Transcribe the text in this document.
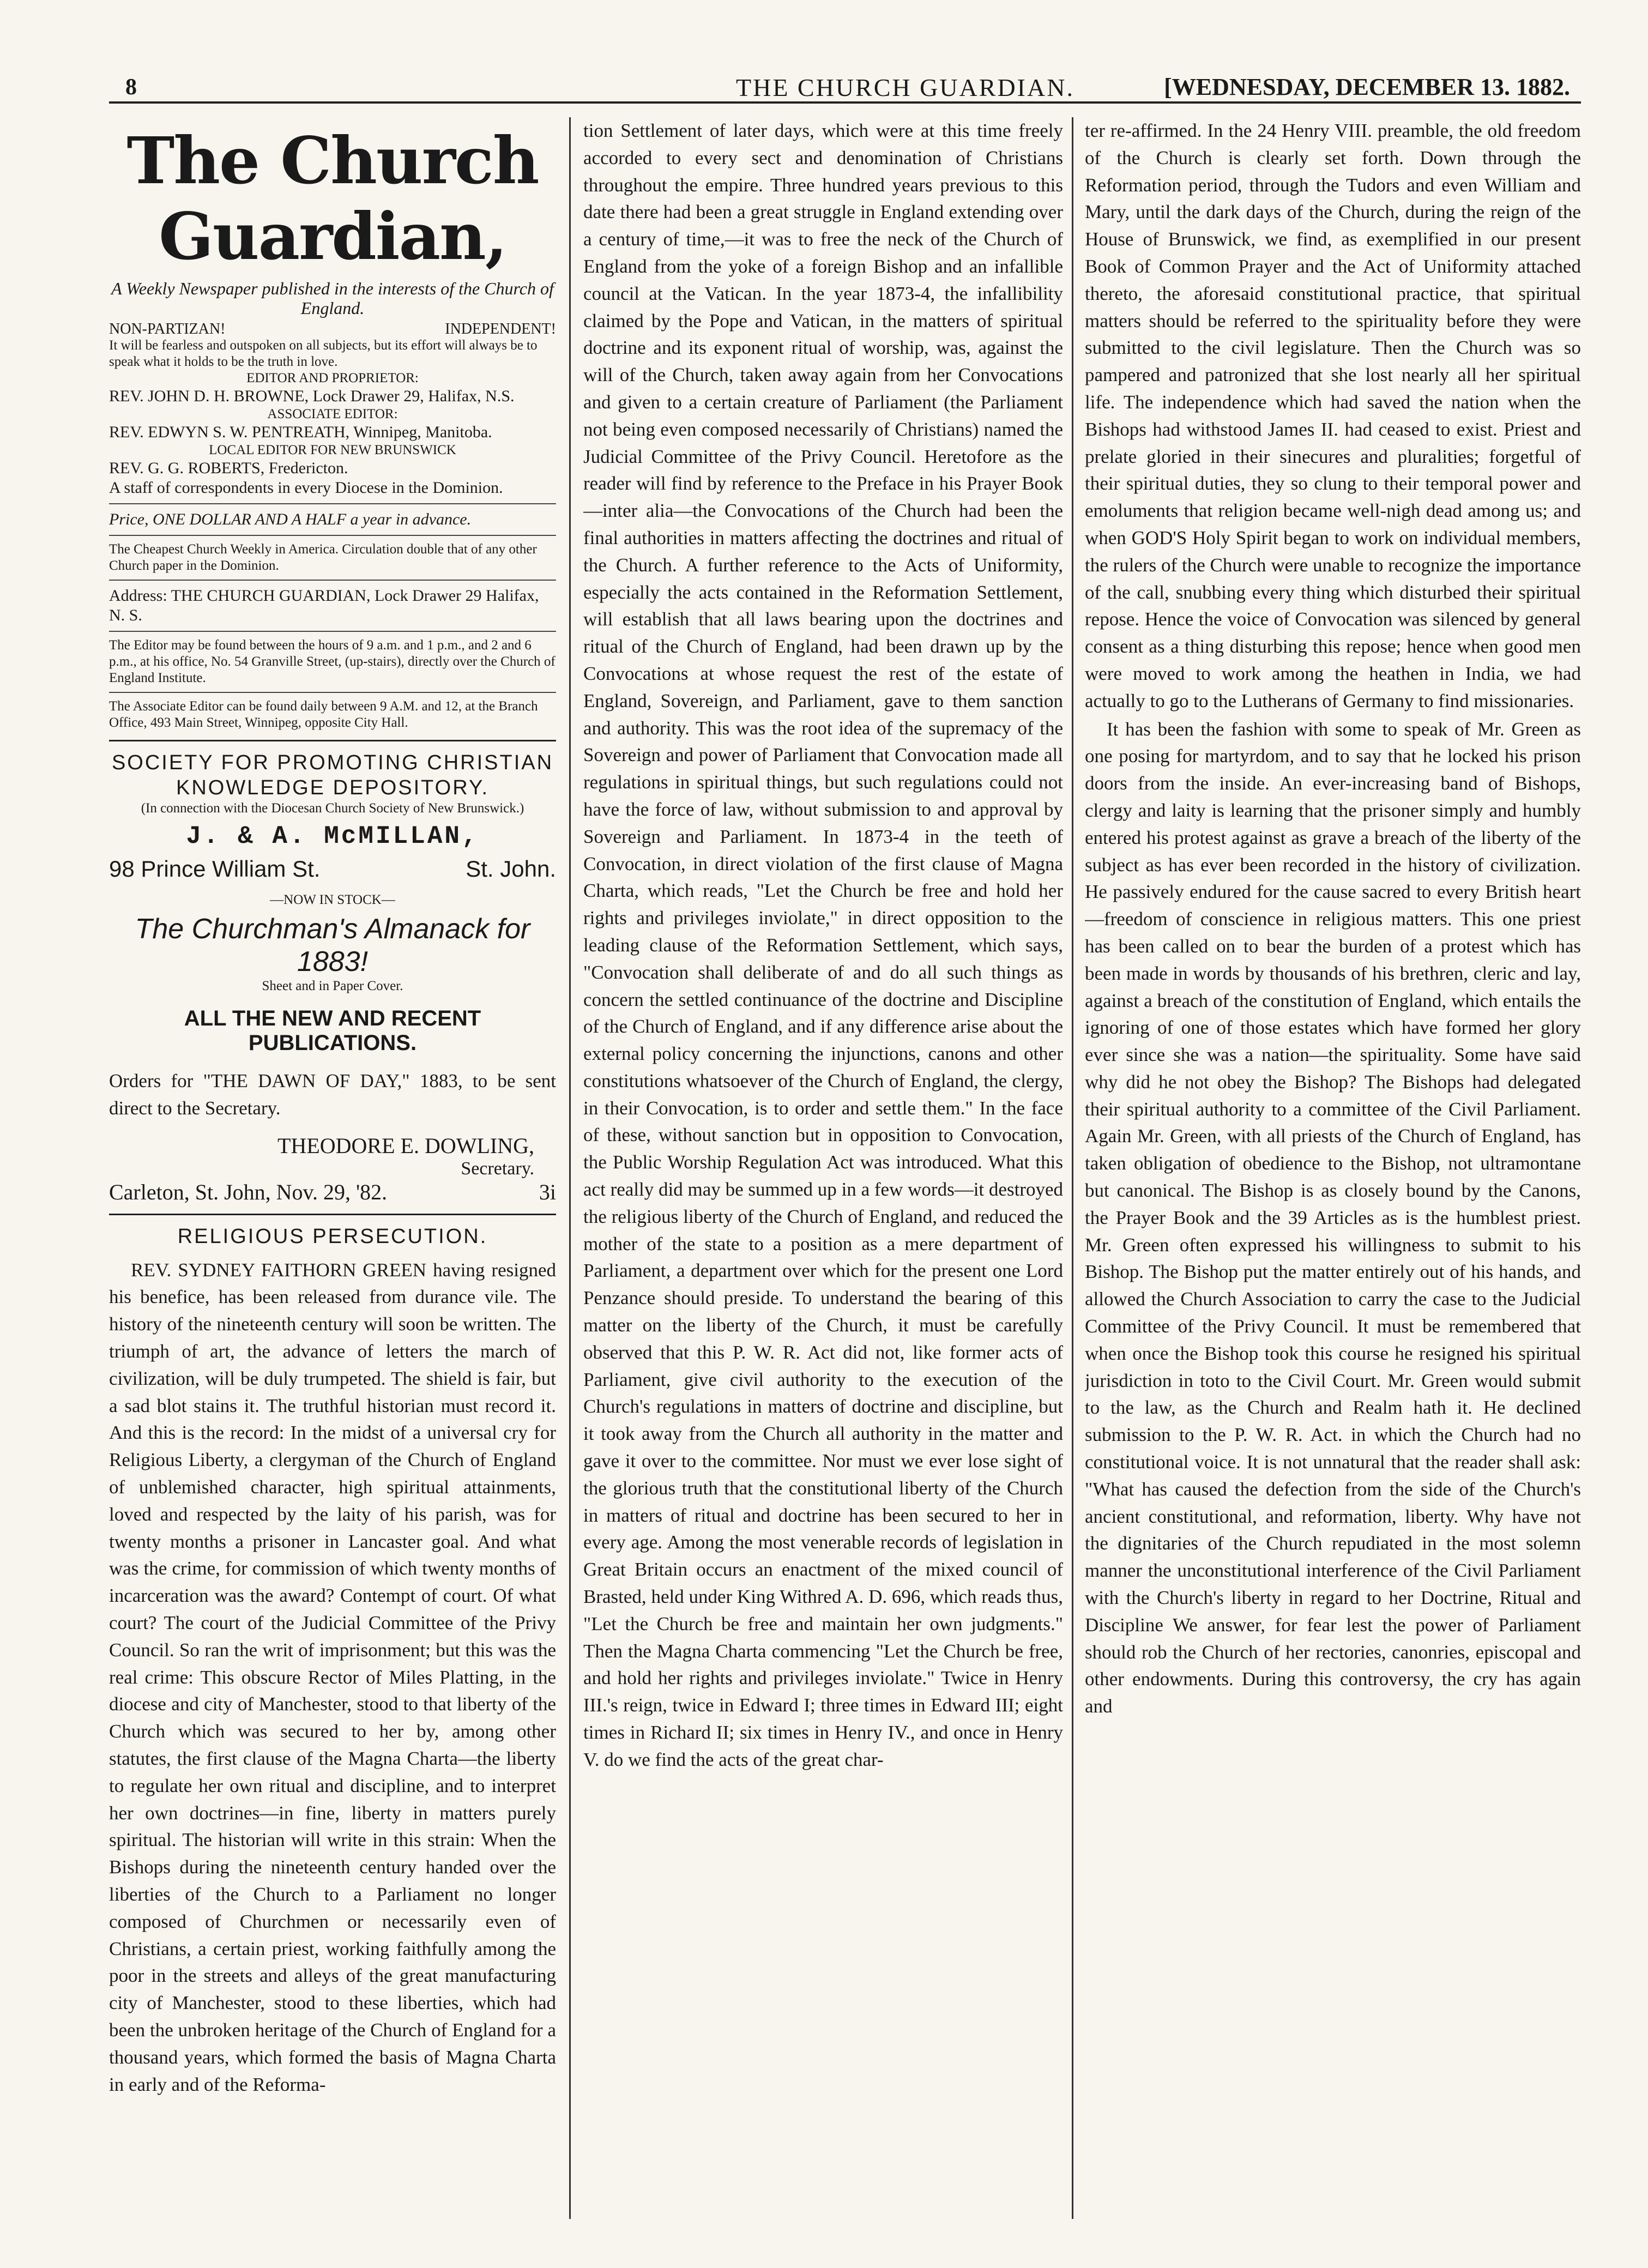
8	THE CHURCH GUARDIAN.	[WEDNESDAY, DECEMBER 13. 1882.
The Church Guardian,
A Weekly Newspaper published in the interests of the Church of England.
NON-PARTIZAN!	INDEPENDENT!
It will be fearless and outspoken on all subjects, but its effort will always be to speak what it holds to be the truth in love.
EDITOR AND PROPRIETOR:
REV. JOHN D. H. BROWNE, Lock Drawer 29, Halifax, N.S.
ASSOCIATE EDITOR:
REV. EDWYN S. W. PENTREATH, Winnipeg, Manitoba.
LOCAL EDITOR FOR NEW BRUNSWICK
REV. G. G. ROBERTS, Fredericton.
A staff of correspondents in every Diocese in the Dominion.
Price, ONE DOLLAR AND A HALF a year in advance.
The Cheapest Church Weekly in America. Circulation double that of any other Church paper in the Dominion.
Address: THE CHURCH GUARDIAN, Lock Drawer 29 Halifax, N. S.
The Editor may be found between the hours of 9 a.m. and 1 p.m., and 2 and 6 p.m., at his office, No. 54 Granville Street, (up-stairs), directly over the Church of England Institute.
The Associate Editor can be found daily between 9 A.M. and 12, at the Branch Office, 493 Main Street, Winnipeg, opposite City Hall.
SOCIETY FOR PROMOTING CHRISTIAN KNOWLEDGE DEPOSITORY.
(In connection with the Diocesan Church Society of New Brunswick.)
J. & A. McMILLAN,
98 Prince William St.	St. John.
—NOW IN STOCK—
The Churchman's Almanack for 1883!
Sheet and in Paper Cover.
ALL THE NEW AND RECENT PUBLICATIONS.
Orders for "THE DAWN OF DAY," 1883, to be sent direct to the Secretary.
THEODORE E. DOWLING,
Secretary.
Carleton, St. John, Nov. 29, '82.	3i
RELIGIOUS PERSECUTION.

REV. SYDNEY FAITHORN GREEN having resigned his benefice, has been released from durance vile. The history of the nineteenth century will soon be written. The triumph of art, the advance of letters the march of civilization, will be duly trumpeted. The shield is fair, but a sad blot stains it. The truthful historian must record it. And this is the record: In the midst of a universal cry for Religious Liberty, a clergyman of the Church of England of unblemished character, high spiritual attainments, loved and respected by the laity of his parish, was for twenty months a prisoner in Lancaster goal. And what was the crime, for commission of which twenty months of incarceration was the award? Contempt of court. Of what court? The court of the Judicial Committee of the Privy Council. So ran the writ of imprisonment; but this was the real crime: This obscure Rector of Miles Platting, in the diocese and city of Manchester, stood to that liberty of the Church which was secured to her by, among other statutes, the first clause of the Magna Charta—the liberty to regulate her own ritual and discipline, and to interpret her own doctrines—in fine, liberty in matters purely spiritual. The historian will write in this strain: When the Bishops during the nineteenth century handed over the liberties of the Church to a Parliament no longer composed of Churchmen or necessarily even of Christians, a certain priest, working faithfully among the poor in the streets and alleys of the great manufacturing city of Manchester, stood to these liberties, which had been the unbroken heritage of the Church of England for a thousand years, which formed the basis of Magna Charta in early and of the Reforma-

tion Settlement of later days, which were at this time freely accorded to every sect and denomination of Christians throughout the empire. Three hundred years previous to this date there had been a great struggle in England extending over a century of time,—it was to free the neck of the Church of England from the yoke of a foreign Bishop and an infallible council at the Vatican. In the year 1873-4, the infallibility claimed by the Pope and Vatican, in the matters of spiritual doctrine and its exponent ritual of worship, was, against the will of the Church, taken away again from her Convocations and given to a certain creature of Parliament (the Parliament not being even composed necessarily of Christians) named the Judicial Committee of the Privy Council. Heretofore as the reader will find by reference to the Preface in his Prayer Book—inter alia—the Convocations of the Church had been the final authorities in matters affecting the doctrines and ritual of the Church. A further reference to the Acts of Uniformity, especially the acts contained in the Reformation Settlement, will establish that all laws bearing upon the doctrines and ritual of the Church of England, had been drawn up by the Convocations at whose request the rest of the estate of England, Sovereign, and Parliament, gave to them sanction and authority. This was the root idea of the supremacy of the Sovereign and power of Parliament that Convocation made all regulations in spiritual things, but such regulations could not have the force of law, without submission to and approval by Sovereign and Parliament. In 1873-4 in the teeth of Convocation, in direct violation of the first clause of Magna Charta, which reads, "Let the Church be free and hold her rights and privileges inviolate," in direct opposition to the leading clause of the Reformation Settlement, which says, "Convocation shall deliberate of and do all such things as concern the settled continuance of the doctrine and Discipline of the Church of England, and if any difference arise about the external policy concerning the injunctions, canons and other constitutions whatsoever of the Church of England, the clergy, in their Convocation, is to order and settle them." In the face of these, without sanction but in opposition to Convocation, the Public Worship Regulation Act was introduced. What this act really did may be summed up in a few words—it destroyed the religious liberty of the Church of England, and reduced the mother of the state to a position as a mere department of Parliament, a department over which for the present one Lord Penzance should preside. To understand the bearing of this matter on the liberty of the Church, it must be carefully observed that this P. W. R. Act did not, like former acts of Parliament, give civil authority to the execution of the Church's regulations in matters of doctrine and discipline, but it took away from the Church all authority in the matter and gave it over to the committee. Nor must we ever lose sight of the glorious truth that the constitutional liberty of the Church in matters of ritual and doctrine has been secured to her in every age. Among the most venerable records of legislation in Great Britain occurs an enactment of the mixed council of Brasted, held under King Withred A. D. 696, which reads thus, "Let the Church be free and maintain her own judgments." Then the Magna Charta commencing "Let the Church be free, and hold her rights and privileges inviolate." Twice in Henry III.'s reign, twice in Edward I; three times in Edward III; eight times in Richard II; six times in Henry IV., and once in Henry V. do we find the acts of the great char-

ter re-affirmed. In the 24 Henry VIII. preamble, the old freedom of the Church is clearly set forth. Down through the Reformation period, through the Tudors and even William and Mary, until the dark days of the Church, during the reign of the House of Brunswick, we find, as exemplified in our present Book of Common Prayer and the Act of Uniformity attached thereto, the aforesaid constitutional practice, that spiritual matters should be referred to the spirituality before they were submitted to the civil legislature. Then the Church was so pampered and patronized that she lost nearly all her spiritual life. The independence which had saved the nation when the Bishops had withstood James II. had ceased to exist. Priest and prelate gloried in their sinecures and pluralities; forgetful of their spiritual duties, they so clung to their temporal power and emoluments that religion became well-nigh dead among us; and when GOD'S Holy Spirit began to work on individual members, the rulers of the Church were unable to recognize the importance of the call, snubbing every thing which disturbed their spiritual repose. Hence the voice of Convocation was silenced by general consent as a thing disturbing this repose; hence when good men were moved to work among the heathen in India, we had actually to go to the Lutherans of Germany to find missionaries.

It has been the fashion with some to speak of Mr. Green as one posing for martyrdom, and to say that he locked his prison doors from the inside. An ever-increasing band of Bishops, clergy and laity is learning that the prisoner simply and humbly entered his protest against as grave a breach of the liberty of the subject as has ever been recorded in the history of civilization. He passively endured for the cause sacred to every British heart —freedom of conscience in religious matters. This one priest has been called on to bear the burden of a protest which has been made in words by thousands of his brethren, cleric and lay, against a breach of the constitution of England, which entails the ignoring of one of those estates which have formed her glory ever since she was a nation—the spirituality. Some have said why did he not obey the Bishop? The Bishops had delegated their spiritual authority to a committee of the Civil Parliament. Again Mr. Green, with all priests of the Church of England, has taken obligation of obedience to the Bishop, not ultramontane but canonical. The Bishop is as closely bound by the Canons, the Prayer Book and the 39 Articles as is the humblest priest. Mr. Green often expressed his willingness to submit to his Bishop. The Bishop put the matter entirely out of his hands, and allowed the Church Association to carry the case to the Judicial Committee of the Privy Council. It must be remembered that when once the Bishop took this course he resigned his spiritual jurisdiction in toto to the Civil Court. Mr. Green would submit to the law, as the Church and Realm hath it. He declined submission to the P. W. R. Act. in which the Church had no constitutional voice. It is not unnatural that the reader shall ask: "What has caused the defection from the side of the Church's ancient constitutional, and reformation, liberty. Why have not the dignitaries of the Church repudiated in the most solemn manner the unconstitutional interference of the Civil Parliament with the Church's liberty in regard to her Doctrine, Ritual and Discipline We answer, for fear lest the power of Parliament should rob the Church of her rectories, canonries, episcopal and other endowments. During this controversy, the cry has again and
